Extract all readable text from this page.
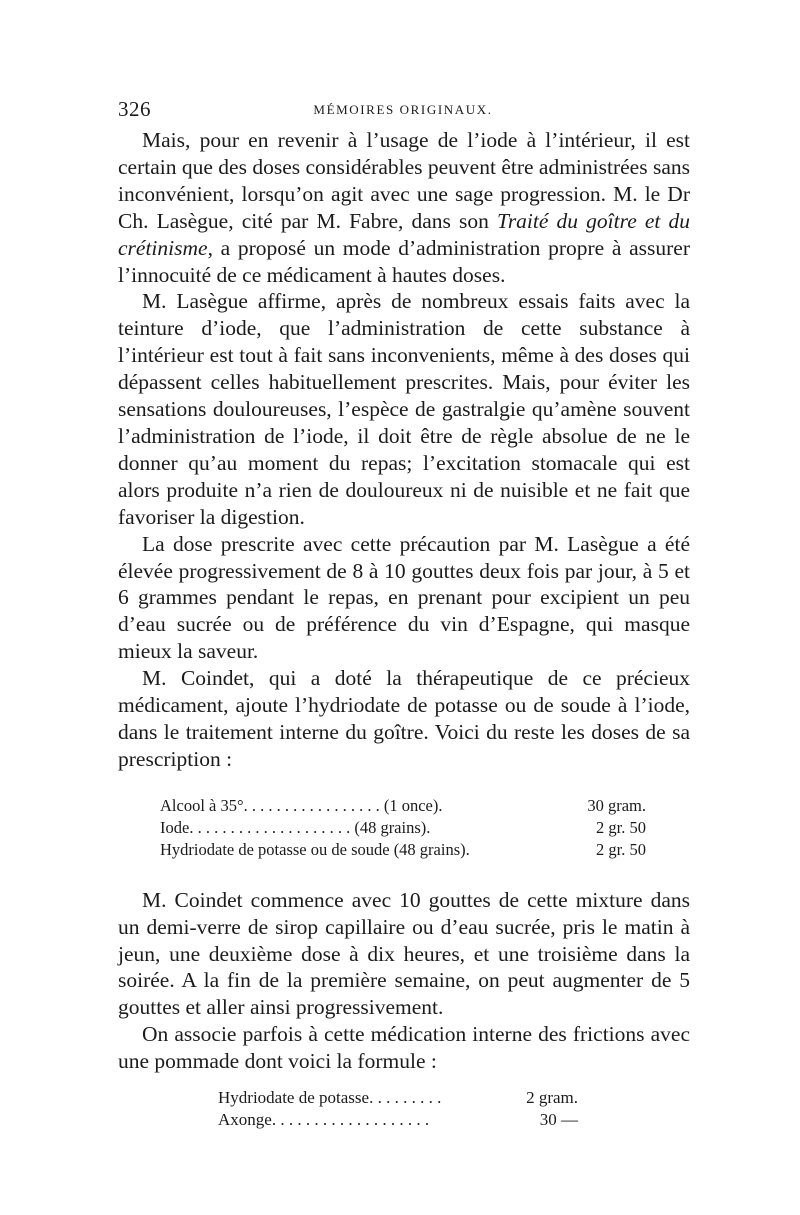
326	MÉMOIRES ORIGINAUX.

Mais, pour en revenir à l’usage de l’iode à l’intérieur, il est certain que des doses considérables peuvent être administrées sans inconvénient, lorsqu’on agit avec une sage progression. M. le Dr Ch. Lasègue, cité par M. Fabre, dans son Traité du goître et du crétinisme, a proposé un mode d’administration propre à assurer l’innocuité de ce médicament à hautes doses.

M. Lasègue affirme, après de nombreux essais faits avec la teinture d’iode, que l’administration de cette substance à l’intérieur est tout à fait sans inconvenients, même à des doses qui dépassent celles habituellement prescrites. Mais, pour éviter les sensations douloureuses, l’espèce de gastralgie qu’amène souvent l’administration de l’iode, il doit être de règle absolue de ne le donner qu’au moment du repas; l’excitation stomacale qui est alors produite n’a rien de douloureux ni de nuisible et ne fait que favoriser la digestion.

La dose prescrite avec cette précaution par M. Lasègue a été élevée progressivement de 8 à 10 gouttes deux fois par jour, à 5 et 6 grammes pendant le repas, en prenant pour excipient un peu d’eau sucrée ou de préférence du vin d’Espagne, qui masque mieux la saveur.

M. Coindet, qui a doté la thérapeutique de ce précieux médicament, ajoute l’hydriodate de potasse ou de soude à l’iode, dans le traitement interne du goître. Voici du reste les doses de sa prescription :

Alcool à 35°. . . . . . . . . . . . . . . . . (1 once).	30 gram.
Iode. . . . . . . . . . . . . . . . . . . . (48 grains).	2 gr. 50
Hydriodate de potasse ou de soude (48 grains).	2 gr. 50

M. Coindet commence avec 10 gouttes de cette mixture dans un demi-verre de sirop capillaire ou d’eau sucrée, pris le matin à jeun, une deuxième dose à dix heures, et une troisième dans la soirée. A la fin de la première semaine, on peut augmenter de 5 gouttes et aller ainsi progressivement.

On associe parfois à cette médication interne des frictions avec une pommade dont voici la formule :

Hydriodate de potasse. . . . . . . . .	2 gram.
Axonge. . . . . . . . . . . . . . . . . . .	30 —
